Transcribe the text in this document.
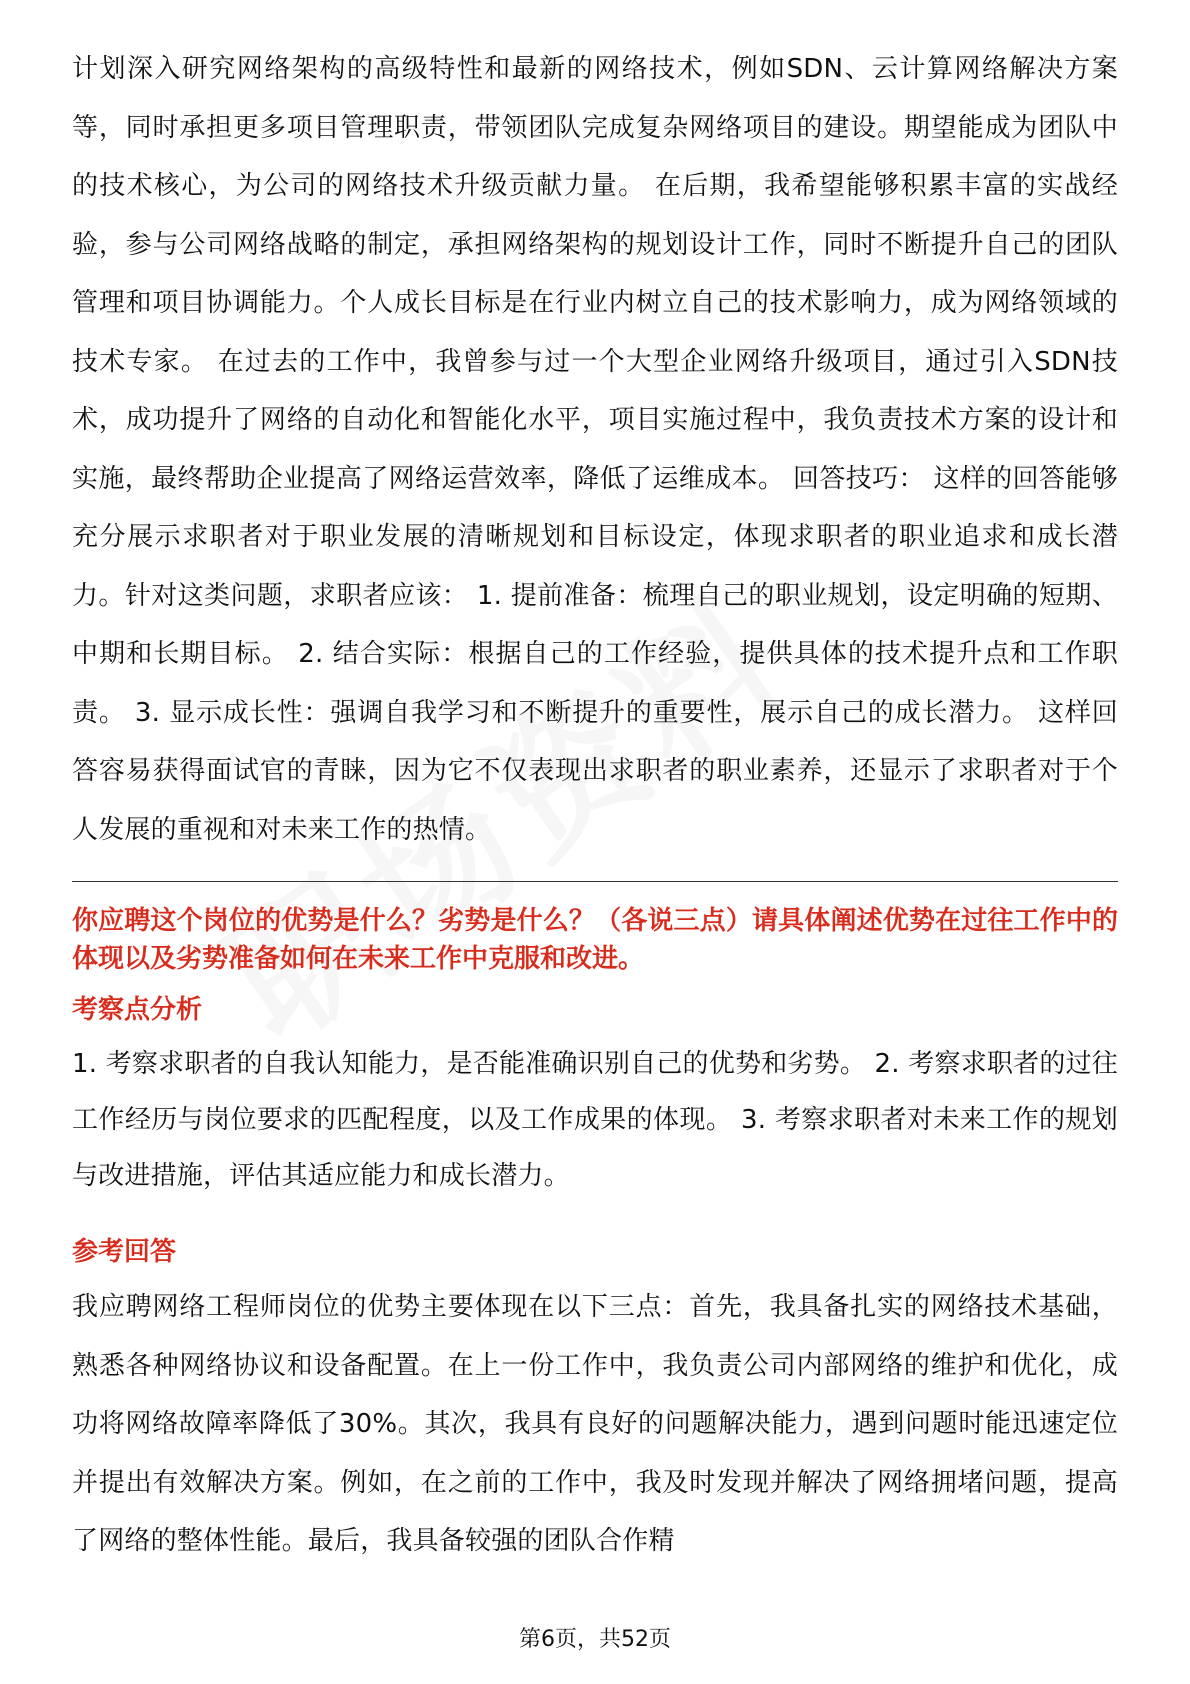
计划深入研究网络架构的高级特性和最新的网络技术，例如SDN、云计算网络解决方案等，同时承担更多项目管理职责，带领团队完成复杂网络项目的建设。期望能成为团队中的技术核心，为公司的网络技术升级贡献力量。 在后期，我希望能够积累丰富的实战经验，参与公司网络战略的制定，承担网络架构的规划设计工作，同时不断提升自己的团队管理和项目协调能力。个人成长目标是在行业内树立自己的技术影响力，成为网络领域的技术专家。 在过去的工作中，我曾参与过一个大型企业网络升级项目，通过引入SDN技术，成功提升了网络的自动化和智能化水平，项目实施过程中，我负责技术方案的设计和实施，最终帮助企业提高了网络运营效率，降低了运维成本。 回答技巧： 这样的回答能够充分展示求职者对于职业发展的清晰规划和目标设定，体现求职者的职业追求和成长潜力。针对这类问题，求职者应该： 1. 提前准备：梳理自己的职业规划，设定明确的短期、中期和长期目标。 2. 结合实际：根据自己的工作经验，提供具体的技术提升点和工作职责。 3. 显示成长性：强调自我学习和不断提升的重要性，展示自己的成长潜力。 这样回答容易获得面试官的青睐，因为它不仅表现出求职者的职业素养，还显示了求职者对于个人发展的重视和对未来工作的热情。

你应聘这个岗位的优势是什么？劣势是什么？（各说三点）请具体阐述优势在过往工作中的体现以及劣势准备如何在未来工作中克服和改进。

考察点分析

1. 考察求职者的自我认知能力，是否能准确识别自己的优势和劣势。 2. 考察求职者的过往工作经历与岗位要求的匹配程度，以及工作成果的体现。 3. 考察求职者对未来工作的规划与改进措施，评估其适应能力和成长潜力。

参考回答

我应聘网络工程师岗位的优势主要体现在以下三点：首先，我具备扎实的网络技术基础，熟悉各种网络协议和设备配置。在上一份工作中，我负责公司内部网络的维护和优化，成功将网络故障率降低了30%。其次，我具有良好的问题解决能力，遇到问题时能迅速定位并提出有效解决方案。例如，在之前的工作中，我及时发现并解决了网络拥堵问题，提高了网络的整体性能。最后，我具备较强的团队合作精

第6页，共52页
